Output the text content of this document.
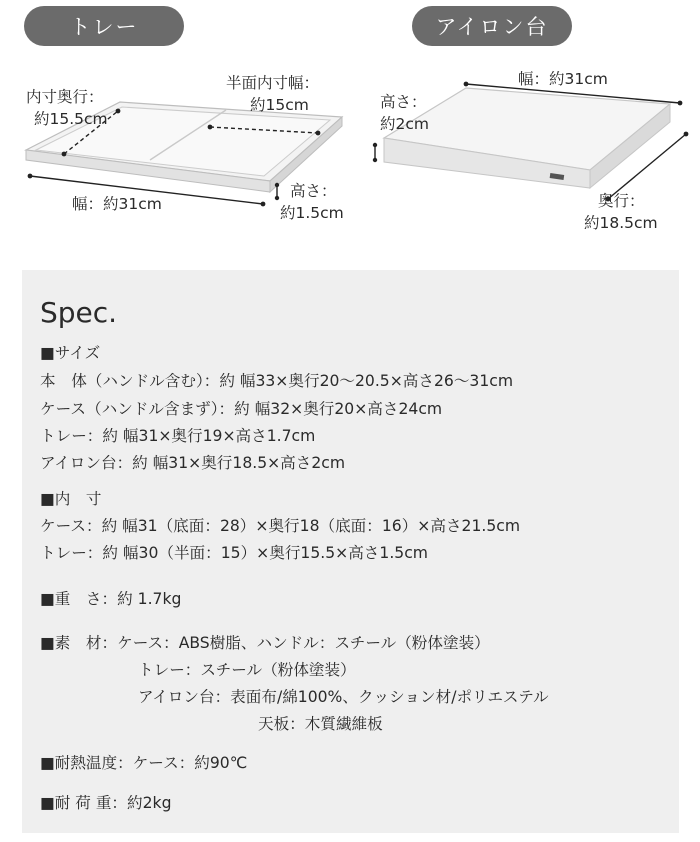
トレー	アイロン台
内寸奥行：
約15.5cm
半面内寸幅：
約15cm
幅：約31cm
高さ：
約1.5cm
幅：約31cm
高さ：
約2cm
奥行：
約18.5cm
Spec.
■サイズ
本　体（ハンドル含む）：約 幅33×奥行20〜20.5×高さ26〜31cm
ケース（ハンドル含まず）：約 幅32×奥行20×高さ24cm
トレー：約 幅31×奥行19×高さ1.7cm
アイロン台：約 幅31×奥行18.5×高さ2cm
■内　寸
ケース：約 幅31（底面：28）×奥行18（底面：16）×高さ21.5cm
トレー：約 幅30（半面：15）×奥行15.5×高さ1.5cm
■重　さ：約 1.7kg
■素　材：ケース：ABS樹脂、ハンドル：スチール（粉体塗装）
トレー：スチール（粉体塗装）
アイロン台：表面布/綿100%、クッション材/ポリエステル
天板：木質繊維板
■耐熱温度：ケース：約90℃
■耐 荷 重：約2kg
